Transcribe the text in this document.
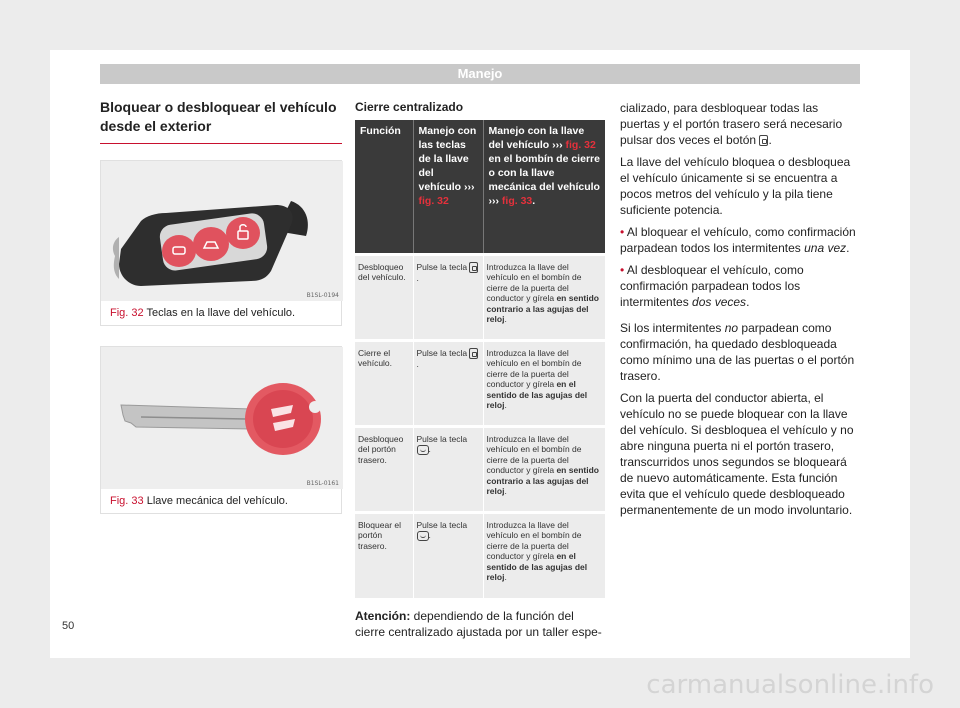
Manejo
Bloquear o desbloquear el vehículo desde el exterior
B1SL-0194
Fig. 32 Teclas en la llave del vehículo.
B1SL-0161
Fig. 33 Llave mecánica del vehículo.
Cierre centralizado
Función	Manejo con las teclas de la llave del vehículo ››› fig. 32	Manejo con la llave del vehículo ››› fig. 32 en el bombín de cierre o con la llave mecánica del vehículo ››› fig. 33.
Desbloqueo del vehículo.	Pulse la tecla .	Introduzca la llave del vehículo en el bombín de cierre de la puerta del conductor y gírela en sentido contrario a las agujas del reloj.
Cierre el vehículo.	Pulse la tecla .	Introduzca la llave del vehículo en el bombín de cierre de la puerta del conductor y gírela en el sentido de las agujas del reloj.
Desbloqueo del portón trasero.	Pulse la tecla .	Introduzca la llave del vehículo en el bombín de cierre de la puerta del conductor y gírela en sentido contrario a las agujas del reloj.
Bloquear el portón trasero.	Pulse la tecla .	Introduzca la llave del vehículo en el bombín de cierre de la puerta del conductor y gírela en el sentido de las agujas del reloj.

Atención: dependiendo de la función del cierre centralizado ajustada por un taller espe-

cializado, para desbloquear todas las puertas y el portón trasero será necesario pulsar dos veces el botón .

La llave del vehículo bloquea o desbloquea el vehículo únicamente si se encuentra a pocos metros del vehículo y la pila tiene suficiente potencia.

• Al bloquear el vehículo, como confirmación parpadean todos los intermitentes una vez.

• Al desbloquear el vehículo, como confirmación parpadean todos los intermitentes dos veces.

Si los intermitentes no parpadean como confirmación, ha quedado desbloqueada como mínimo una de las puertas o el portón trasero.

Con la puerta del conductor abierta, el vehículo no se puede bloquear con la llave del vehículo. Si desbloquea el vehículo y no abre ninguna puerta ni el portón trasero, transcurridos unos segundos se bloqueará de nuevo automáticamente. Esta función evita que el vehículo quede desbloqueado permanentemente de un modo involuntario.

50
carmanualsonline.info
